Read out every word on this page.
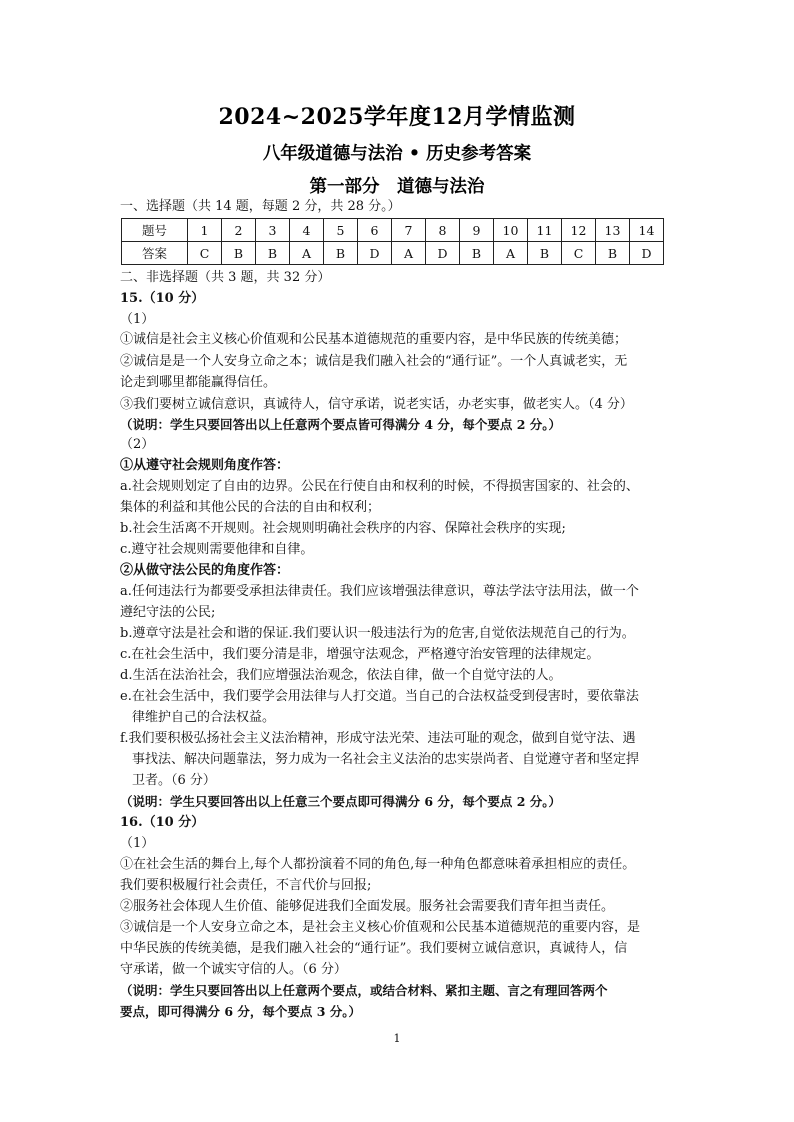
2024~2025学年度12月学情监测
八年级道德与法治 • 历史参考答案
第一部分　道德与法治
一、选择题（共 14 题，每题 2 分，共 28 分。）
题号	1	2	3	4	5	6	7	8	9	10	11	12	13	14
答案	C	B	B	A	B	D	A	D	B	A	B	C	B	D
二、非选择题（共 3 题，共 32 分）
15.（10 分）
（1）
①诚信是社会主义核心价值观和公民基本道德规范的重要内容，是中华民族的传统美德；
②诚信是是一个人安身立命之本；诚信是我们融入社会的“通行证”。一个人真诚老实，无
论走到哪里都能赢得信任。
③我们要树立诚信意识，真诚待人，信守承诺，说老实话，办老实事，做老实人。（4 分）
（说明：学生只要回答出以上任意两个要点皆可得满分 4 分，每个要点 2 分。）
（2）
①从遵守社会规则角度作答：
a.社会规则划定了自由的边界。公民在行使自由和权利的时候，不得损害国家的、社会的、
集体的利益和其他公民的合法的自由和权利；
b.社会生活离不开规则。社会规则明确社会秩序的内容、保障社会秩序的实现;
c.遵守社会规则需要他律和自律。
②从做守法公民的角度作答：
a.任何违法行为都要受承担法律责任。我们应该增强法律意识，尊法学法守法用法，做一个
遵纪守法的公民;
b.遵章守法是社会和谐的保证.我们要认识一般违法行为的危害,自觉依法规范自己的行为。
c.在社会生活中，我们要分清是非，增强守法观念，严格遵守治安管理的法律规定。
d.生活在法治社会，我们应增强法治观念，依法自律，做一个自觉守法的人。
e.在社会生活中，我们要学会用法律与人打交道。当自己的合法权益受到侵害时，要依靠法
律维护自己的合法权益。
f.我们要积极弘扬社会主义法治精神，形成守法光荣、违法可耻的观念，做到自觉守法、遇
事找法、解决问题靠法，努力成为一名社会主义法治的忠实崇尚者、自觉遵守者和坚定捍
卫者。（6 分）
（说明：学生只要回答出以上任意三个要点即可得满分 6 分，每个要点 2 分。）
16.（10 分）
（1）
①在社会生活的舞台上,每个人都扮演着不同的角色,每一种角色都意味着承担相应的责任。
我们要积极履行社会责任，不言代价与回报;
②服务社会体现人生价值、能够促进我们全面发展。服务社会需要我们青年担当责任。
③诚信是一个人安身立命之本，是社会主义核心价值观和公民基本道德规范的重要内容，是
中华民族的传统美德，是我们融入社会的“通行证”。我们要树立诚信意识，真诚待人，信
守承诺，做一个诚实守信的人。（6 分）
（说明：学生只要回答出以上任意两个要点，或结合材料、紧扣主题、言之有理回答两个
要点，即可得满分 6 分，每个要点 3 分。）
1
